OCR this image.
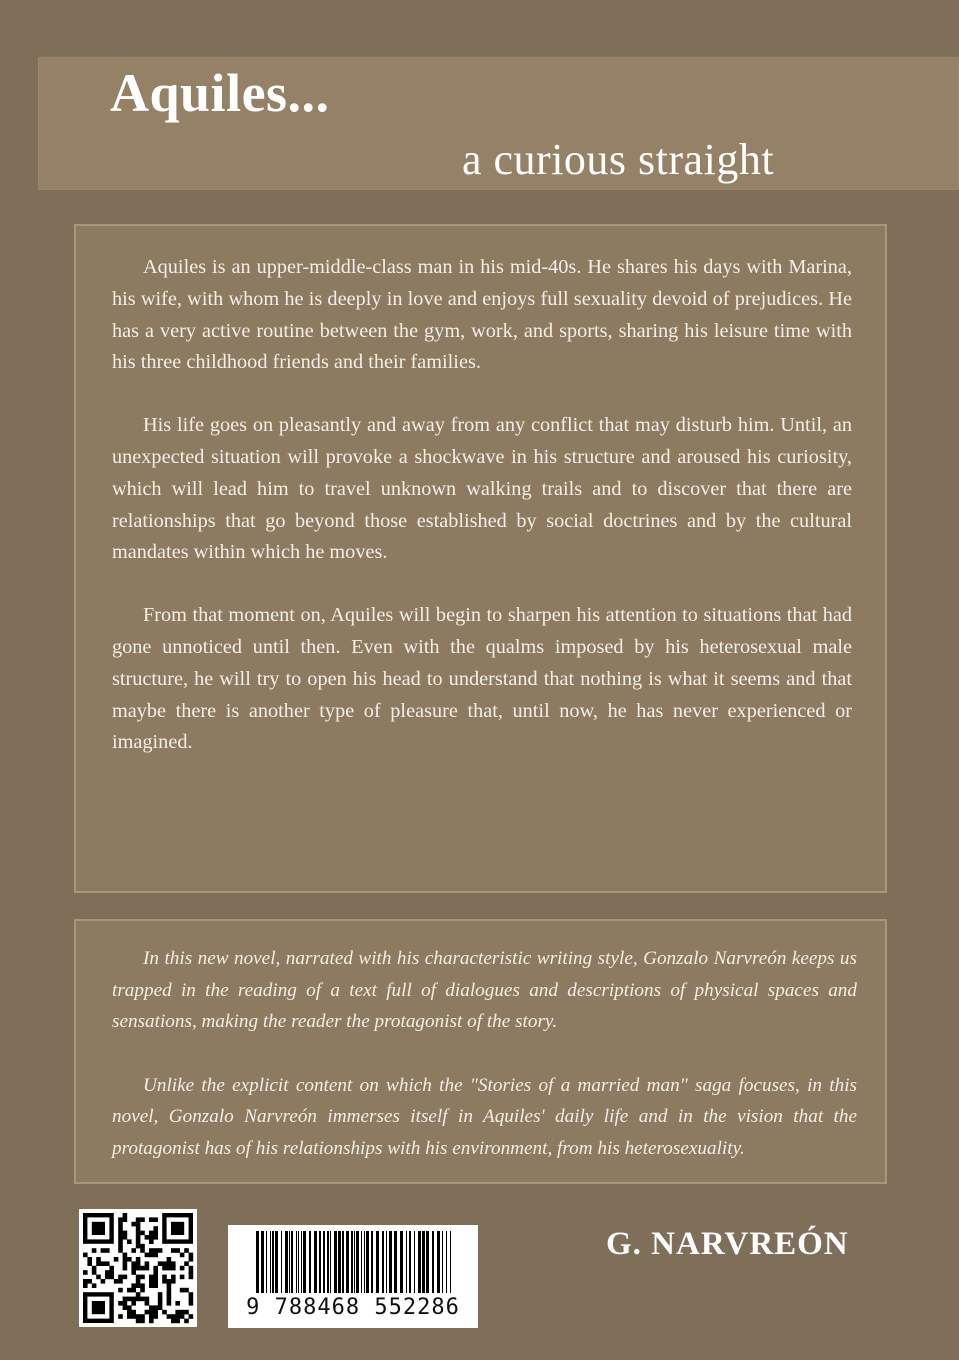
Aquiles...
a curious straight

Aquiles is an upper-middle-class man in his mid-40s. He shares his days with Marina, his wife, with whom he is deeply in love and enjoys full sexuality devoid of prejudices. He has a very active routine between the gym, work, and sports, sharing his leisure time with his three childhood friends and their families.

His life goes on pleasantly and away from any conflict that may disturb him. Until, an unexpected situation will provoke a shockwave in his structure and aroused his curiosity, which will lead him to travel unknown walking trails and to discover that there are relationships that go beyond those established by social doctrines and by the cultural mandates within which he moves.

From that moment on, Aquiles will begin to sharpen his attention to situations that had gone unnoticed until then. Even with the qualms imposed by his heterosexual male structure, he will try to open his head to understand that nothing is what it seems and that maybe there is another type of pleasure that, until now, he has never experienced or imagined.

In this new novel, narrated with his characteristic writing style, Gonzalo Narvreón keeps us trapped in the reading of a text full of dialogues and descriptions of physical spaces and sensations, making the reader the protagonist of the story.

Unlike the explicit content on which the "Stories of a married man" saga focuses, in this novel, Gonzalo Narvreón immerses itself in Aquiles' daily life and in the vision that the protagonist has of his relationships with his environment, from his heterosexuality.

9 788468 552286
G. NARVREÓN
